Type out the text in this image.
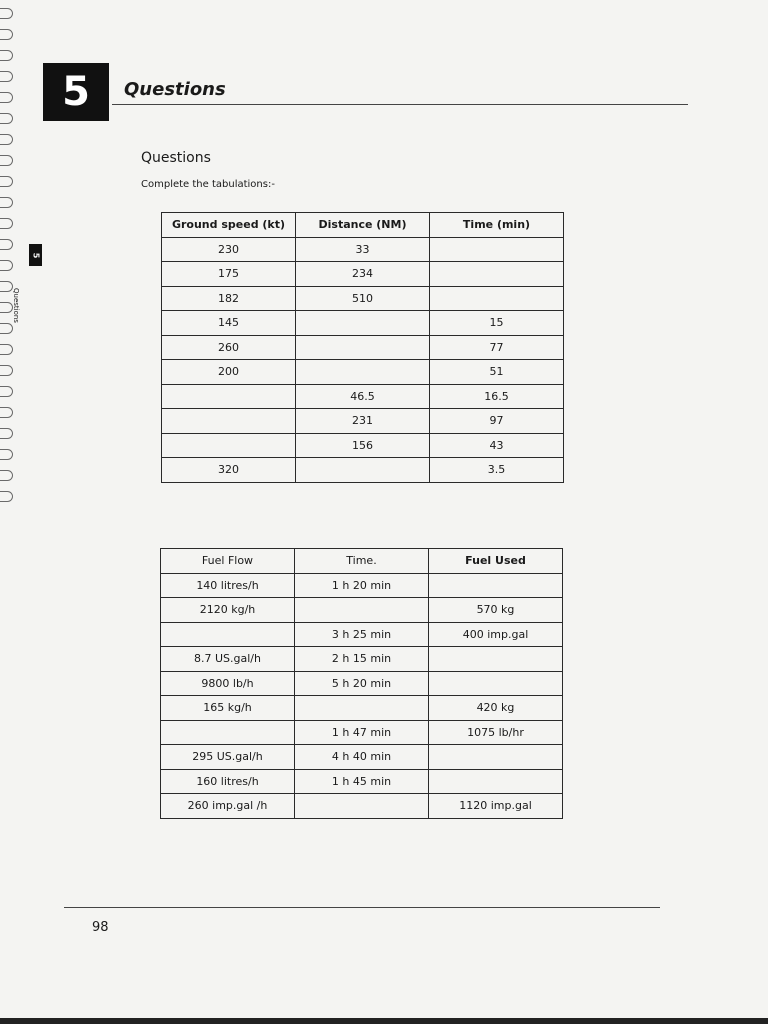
5 Questions
5
Questions
Questions
Complete the tabulations:-
Ground speed (kt)	Distance (NM)	Time (min)
230	33	
175	234	
182	510	
145		15
260		77
200		51
	46.5	16.5
	231	97
	156	43
320		3.5
Fuel Flow	Time.	Fuel Used
140 litres/h	1 h 20 min	
2120 kg/h		570 kg
	3 h 25 min	400 imp.gal
8.7 US.gal/h	2 h 15 min	
9800 lb/h	5 h 20 min	
165 kg/h		420 kg
	1 h 47 min	1075 lb/hr
295 US.gal/h	4 h 40 min	
160 litres/h	1 h 45 min	
260 imp.gal /h		1120 imp.gal
98
